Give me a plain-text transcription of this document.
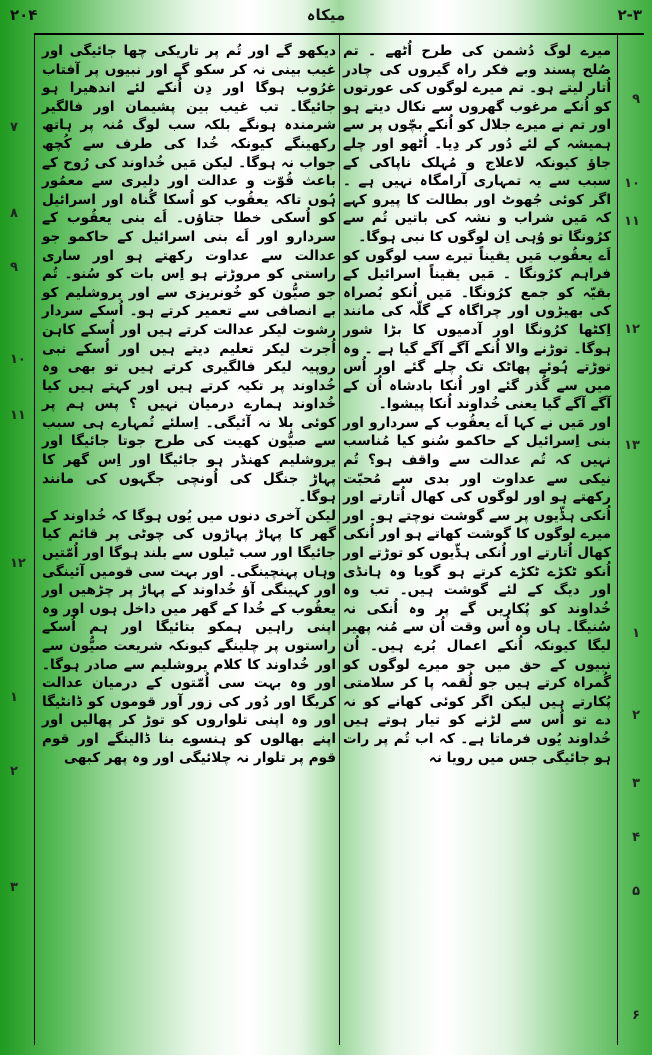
۲۰۴	میکاہ	۲-۳

میرے لوگ دُشمن کی طرح اُٹھے ۔ تم صُلح پسند وبے فکر راہ گیروں کی چادر اُتار لیتے ہو۔ تم میرے لوگوں کی عورتوں کو اُنکے مرغوب گھروں سے نکال دیتے ہو اور تم نے میرے جلال کو اُنکے بچّوں پر سے ہمیشہ کے لئے دُور کر دِیا۔ اُٹھو اور چلے جاؤ کیونکہ لاعلاج و مُہلک ناپاکی کے سبب سے یہ تمہاری آرامگاہ نہیں ہے ۔ اگر کوئی جُھوٹ اور بطالت کا پیرو کہے کہ مَیں شراب و نشہ کی باتیں تُم سے کرُونگا تو وُہی اِن لوگوں کا نبی ہوگا۔

اَے یعقُوب مَیں یقیناً تیرے سب لوگوں کو فراہم کرُونگا ۔ مَیں یقیناً اسرائیل کے بقیّہ کو جمع کرُونگا۔ مَیں اُنکو بُصراہ کی بھیڑوں اور چراگاہ کے گلّہ کی مانند اِکٹھا کرُونگا اور آدمیوں کا بڑا شور ہوگا۔ توڑنے والا اُنکے آگے آگے گیا ہے ۔ وہ توڑتے ہُوئے پھاٹک تک چلے گئے اور اُس میں سے گُذر گئے اور اُنکا بادشاہ اُن کے آگے آگے گیا یعنی خُداوند اُنکا پیشوا۔

اور مَیں نے کہا اَے یعقُوب کے سردارو اور بنی اِسرائیل کے حاکمو سُنو کیا مُناسب نہیں کہ تُم عدالت سے واقف ہو؟ تُم نیکی سے عداوت اور بدی سے مُحبّت رکھتے ہو اور لوگوں کی کھال اُتارتے اور اُنکی ہڈّیوں پر سے گوشت نوچتے ہو۔ اور میرے لوگوں کا گوشت کھاتے ہو اور اُنکی کھال اُتارتے اور اُنکی ہڈّیوں کو توڑتے اور اُنکو ٹکڑے ٹکڑے کرتے ہو گویا وہ ہانڈی اور دیگ کے لئے گوشت ہیں۔ تب وہ خُداوند کو پُکاریں گے پر وہ اُنکی نہ سُنیگا۔ ہاں وہ اُس وقت اُن سے مُنہ پھیر لیگا کیونکہ اُنکے اعمال بُرے ہیں۔ اُن نبیوں کے حق میں جو میرے لوگوں کو گُمراہ کرتے ہیں جو لُقمہ پا کر سلامتی پُکارتے ہیں لیکن اگر کوئی کھانے کو نہ دے تو اُس سے لڑنے کو تیار ہوتے ہیں خُداوند یُوں فرماتا ہے۔ کہ اب تُم پر رات ہو جائیگی جس میں رویا نہ

دیکھو گے اور تُم پر تاریکی چھا جائیگی اور غیب بینی نہ کر سکو گے اور نبیوں پر آفتاب غرُوب ہوگا اور دِن اُنکے لئے اندھیرا ہو جائیگا۔ تب غیب بین پشیمان اور فالگیر شرمندہ ہونگے بلکہ سب لوگ مُنہ پر ہاتھ رکھینگے کیونکہ خُدا کی طرف سے کُچھ جواب نہ ہوگا۔ لیکن مَیں خُداوند کی رُوح کے باعث قُوّت و عدالت اور دلیری سے معمُور ہُوں تاکہ یعقُوب کو اُسکا گُناہ اور اسرائیل کو اُسکی خطا جتاؤں۔ اَے بنی یعقُوب کے سردارو اور اَے بنی اسرائیل کے حاکمو جو عدالت سے عداوت رکھتے ہو اور ساری راستی کو مروڑتے ہو اِس بات کو سُنو۔ تُم جو صیُّون کو خُونریزی سے اور یروشلیم کو بے انصافی سے تعمیر کرتے ہو۔ اُسکے سردار رشوت لیکر عدالت کرتے ہیں اور اُسکے کاہن اُجرت لیکر تعلیم دیتے ہیں اور اُسکے نبی روپیہ لیکر فالگیری کرتے ہیں تو بھی وہ خُداوند پر تکیہ کرتے ہیں اور کہتے ہیں کیا خُداوند ہمارے درمیان نہیں ؟ پس ہم پر کوئی بلا نہ آئیگی۔ اِسلئے تُمہارے ہی سبب سے صیُّون کھیت کی طرح جوتا جائیگا اور یروشلیم کھنڈر ہو جائیگا اور اِس گھر کا پہاڑ جنگل کی اُونچی جگہوں کی مانند ہوگا۔

لیکن آخری دنوں میں یُوں ہوگا کہ خُداوند کے گھر کا پہاڑ پہاڑوں کی چوٹی پر قائم کیا جائیگا اور سب ٹیلوں سے بلند ہوگا اور اُمّتیں وہاں پہنچینگی۔ اور بہت سی قومیں آئینگی اور کہینگی آؤ خُداوند کے پہاڑ پر چڑھیں اور یعقُوب کے خُدا کے گھر میں داخل ہوں اور وہ اپنی راہیں ہمکو بتائیگا اور ہم اُسکے راستوں پر چلینگے کیونکہ شریعت صیُّون سے اور خُداوند کا کلام یروشلیم سے صادر ہوگا۔ اور وہ بہت سی اُمّتوں کے درمیان عدالت کریگا اور دُور کی زور آور قوموں کو ڈانٹیگا اور وہ اپنی تلواروں کو توڑ کر پھالیں اور اپنے بھالوں کو ہنسوے بنا ڈالینگے اور قوم قوم پر تلوار نہ چلائیگی اور وہ پھر کبھی

۹
۱۰
۱۱
۱۲
۱۳
۱
۲
۳
۴
۵
۶
۷
۸
۹
۱۰
۱۱
۱۲
۱
۲
۳
